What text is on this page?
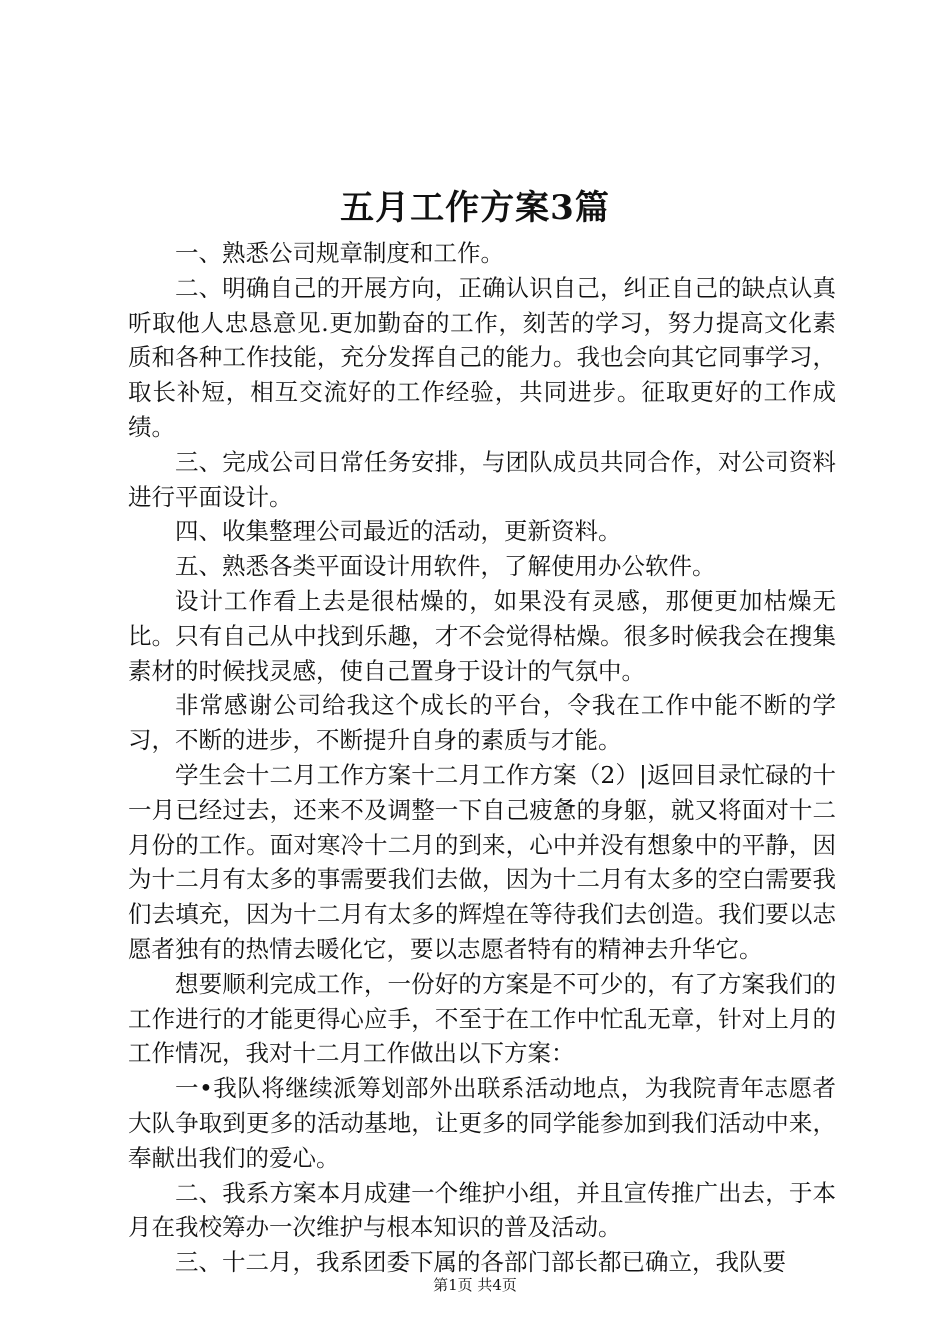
五月工作方案3篇

一、熟悉公司规章制度和工作。

二、明确自己的开展方向，正确认识自己，纠正自己的缺点认真听取他人忠恳意见.更加勤奋的工作，刻苦的学习，努力提高文化素质和各种工作技能，充分发挥自己的能力。我也会向其它同事学习，取长补短，相互交流好的工作经验，共同进步。征取更好的工作成绩。

三、完成公司日常任务安排，与团队成员共同合作，对公司资料进行平面设计。

四、收集整理公司最近的活动，更新资料。

五、熟悉各类平面设计用软件，了解使用办公软件。

设计工作看上去是很枯燥的，如果没有灵感，那便更加枯燥无比。只有自己从中找到乐趣，才不会觉得枯燥。很多时候我会在搜集素材的时候找灵感，使自己置身于设计的气氛中。

非常感谢公司给我这个成长的平台，令我在工作中能不断的学习，不断的进步，不断提升自身的素质与才能。

学生会十二月工作方案十二月工作方案（2）|返回目录忙碌的十一月已经过去，还来不及调整一下自己疲惫的身躯，就又将面对十二月份的工作。面对寒冷十二月的到来，心中并没有想象中的平静，因为十二月有太多的事需要我们去做，因为十二月有太多的空白需要我们去填充，因为十二月有太多的辉煌在等待我们去创造。我们要以志愿者独有的热情去暖化它，要以志愿者特有的精神去升华它。

想要顺利完成工作，一份好的方案是不可少的，有了方案我们的工作进行的才能更得心应手，不至于在工作中忙乱无章，针对上月的工作情况，我对十二月工作做出以下方案：

一•我队将继续派筹划部外出联系活动地点，为我院青年志愿者大队争取到更多的活动基地，让更多的同学能参加到我们活动中来，奉献出我们的爱心。

二、我系方案本月成建一个维护小组，并且宣传推广出去，于本月在我校筹办一次维护与根本知识的普及活动。

三、十二月，我系团委下属的各部门部长都已确立，我队要

第1页 共4页
